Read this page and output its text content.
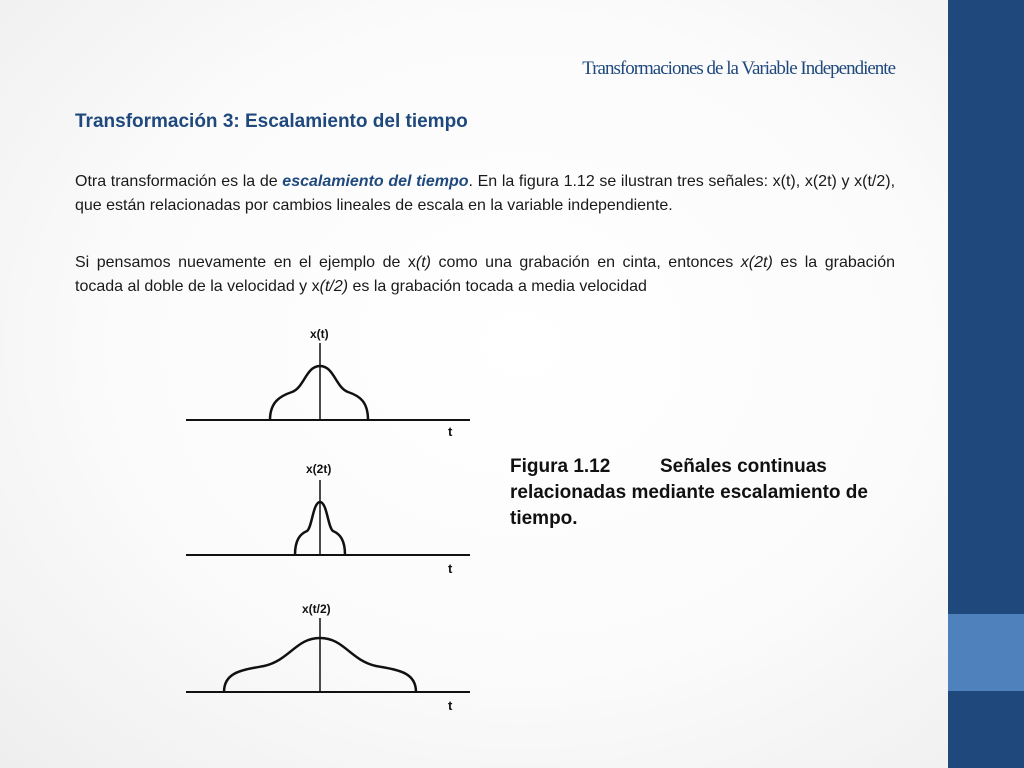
Transformaciones de la Variable Independiente
Transformación 3: Escalamiento del tiempo
Otra transformación es la de escalamiento del tiempo. En la figura 1.12 se ilustran tres señales: x(t), x(2t) y x(t/2), que están relacionadas por cambios lineales de escala en la variable independiente.
Si pensamos nuevamente en el ejemplo de x(t) como una grabación en cinta, entonces x(2t) es la grabación tocada al doble de la velocidad y x(t/2) es la grabación tocada a media velocidad
x(t)
t
x(2t)
t
x(t/2)
t
Figura 1.12	Señales continuas
relacionadas mediante escalamiento de
tiempo.
